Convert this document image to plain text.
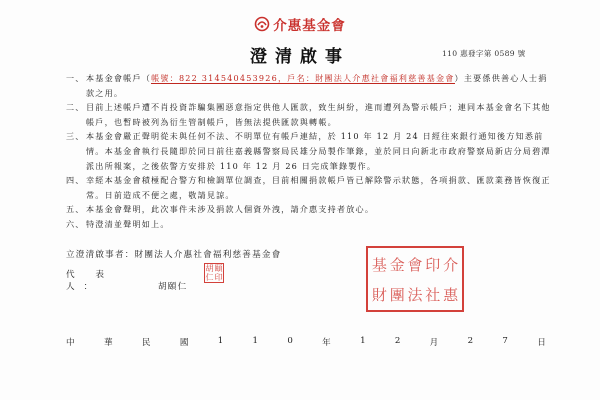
介惠基金會
澄清啟事	110 惠發字第 0589 號
一、 本基金會帳戶（帳號：822 314540453926，戶名：財團法人介惠社會福利慈善基金會）主要係供善心人士捐款之用。
二、 目前上述帳戶遭不肖投資詐騙集團惡意指定供他人匯款，致生糾紛，進而遭列為警示帳戶；連同本基金會名下其他帳戶，也暫時被列為衍生管制帳戶，皆無法提供匯款與轉帳。
三、 本基金會嚴正聲明從未與任何不法、不明單位有帳戶連結，於 110 年 12 月 24 日經往來銀行通知後方知悉前情。本基金會執行長隨即於同日前往嘉義縣警察局民雄分局製作筆錄，並於同日向新北市政府警察局新店分局碧潭派出所報案，之後依警方安排於 110 年 12 月 26 日完成筆錄製作。
四、 幸經本基金會積極配合警方和檢調單位調查，目前相關捐款帳戶皆已解除警示狀態，各項捐款、匯款業務皆恢復正常。日前造成不便之處，敬請見諒。
五、 本基金會聲明，此次事件未涉及捐款人個資外洩，請介惠支持者放心。
六、 特澄清並聲明如上。
立澄清啟事者：財團法人介惠社會福利慈善基金會
代 表 人：	胡頤仁
胡 頤
仁 印
基 金 會 印 介
財 團 法 社 惠
中	華	民	國	1	1	0	年	1	2	月	2	7	日
